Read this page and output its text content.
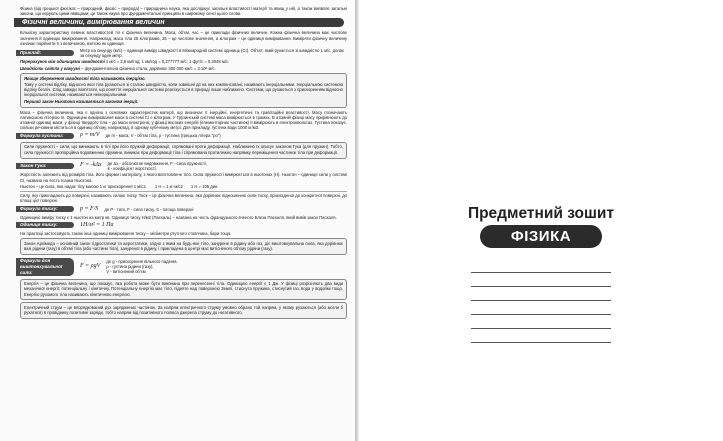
Фізика (від грецької фюсікос – природний, фюзіс – природа) – природнича наука, яка досліджує загальні властивості матерії та явищ у ній, а також виявляє загальні закони, що керують цими явищами; це також наука про фундаментальні принципи в широкому сенсі цього слова.

Фізичні величини, вимірювання величин

Кількісну характеристику певних властивостей тіл є фізична величина. Маса, об'єм, час – це приклади фізичних величин. Кожна фізична величина має числове значення й одиницю вимірювання. Наприклад, маса тіла 25 кілограмів, 25 – це числове значення, а кілограм – це одиниця вимірювання. Виміряти фізичну величину означає порівняти її з величиною, взятою як одиниця.

Приклад:	Метр на секунду (м/с) – одиниця виміру швидкості в Міжнародній системі одиниць (СІ). Об'єкт, який рухається зі швидкістю 1 м/с, долає за секунду один метр.

Перерахунок між одиницями швидкості 1 м/с = 3,6 км/год; 1 км/год = 0,277777 м/с; 1 фут/с = 0,3048 м/с.

Швидкість світла у вакуумі – фундаментальна фізична стала, дорівнює 300 000 км/с = 3∙10⁸ м/с.

Явище збереження швидкості тіла називають інерцією.

Тому у системі відліку, відносно якої тіла рухаються зі сталою швидкістю, коли зовнішні дії на них компенсовані, називають інерціальними. Інерціальною системою відліку безліч. Слід завжди пам'ятати, що поняття інерціальної системи реалізується в природі лише наближено. Системи, що рухаються з прискоренням відносно інерціальної системи, називаються неінерціальними.

Перший закон Ньютона називається законом інерції.

Маса – фізична величина, яка є однією з основних характеристик матерії, що визначає її інерційні, енергетичні та гравітаційні властивості. Масу позначають латинською літерою m. Одиницею вимірювання маси в системі СІ є кілограм. У Грузинській системі маса вимірюється в грамах. В атомній фізиці масу прирівнюють до атомної одиниці маси, у фізиці твердого тіла – до маси електрона, у фізиці високих енергій (елементарних частинок) її вимірюють в електронвольтах. Густина показує, скільки речовини міститься в одиниці об'єму, наприклад, в одному кубічному метрі. Для прикладу, густина води 1000 кг/м3.

Формула густини:	ρ = m/V де m - маса, V - об'єм тіла, ρ - густина (грецька літера "ро")

Сили пружності – сили, що виникають в тілі при його пружній деформації, спрямовані проти деформації. Наближено їх описує законом Гука (для пружин). Тобто, сила пружності пропорційна подовженню пружини, виникає при деформації тіла і спрямована протилежно напрямку переміщення частинок тіла при деформації.

Закон Гука:	F = -kΔx де Δx - абсолютне видовження, F - сила пружності,
k - коефіцієнт жорсткості.

Жорсткість залежить від розмірів тіла, його форми і матеріалу, з якого виготовлене тіло. Сила пружності вимірюється в ньютонах (Н). Ньютон – одиниця сили у системі СІ, названа на честь Ісаака Ньютона.

Ньютон – це сила, яка надає тілу масою 1 кг прискорення 1 м/с2. 1 Н = 1 кг·м/с2 1 Н = 105 дин.

Силу, яку прикладають до поверхні, називають силою тиску. Тиск – це фізична величина, яка дорівнює відношенню сили тиску, прикладеної до конкретної поверхні, до площі цієї поверхні.

Формула тиску:	p = F/S де P - тиск, F - сила тиску, S - площа поверхні

Одиницею виміру тиску є 1 ньютон на метр кв. Одиниця тиску Н/м2 (Паскаль) – названа на честь французького вченого Блеза Паскаля, який вивів закон Паскаля.

Одиниця тиску:	1Н/м² = 1 Па

На практиці застосовують також інші одиниці вимірювання тиску – міліметри ртутного стовпчика, бари тощо.

Закон Архімеда – основний закон гідростатики та аеростатики, згідно з яким на будь-яке тіло, занурене в рідину або газ, діє виштовхувальна сила, яка дорівнює вазі рідини (газу) в об'ємі тіла (або частини тіла), зануреної в рідину, і прикладена в центрі мас витісненого об'єму рідини (газу).

Формула для
виштовхувальної сили:
F = ρgV
де g - прискорення вільного падіння,
ρ - густина рідини (газу),
V - витіснений об'єм

Енергія – це фізична величина, що показує, яка робота може бути виконана при перенесенні тіла. Одиницею енергії є 1 Дж. У фізиці розрізняють два види механічної енергії: потенціальну і кінетичну. Потенціальну енергію має тіло, підняте над поверхнею Землі, стиснута пружина, стиснутий газ, вода у водоймі тощо. Енергію рухомого тіла називають кінетичною енергією.

Електричний струм – це впорядкований рух заряджених частинок. За напрям електричного струму умовно обрано той напрям, у якому рухаються (або могли б рухатися) в провіднику позитивні заряди, тобто напрям від позитивного полюса джерела струму до негативного.

Предметний зошит
ФІЗИКА
